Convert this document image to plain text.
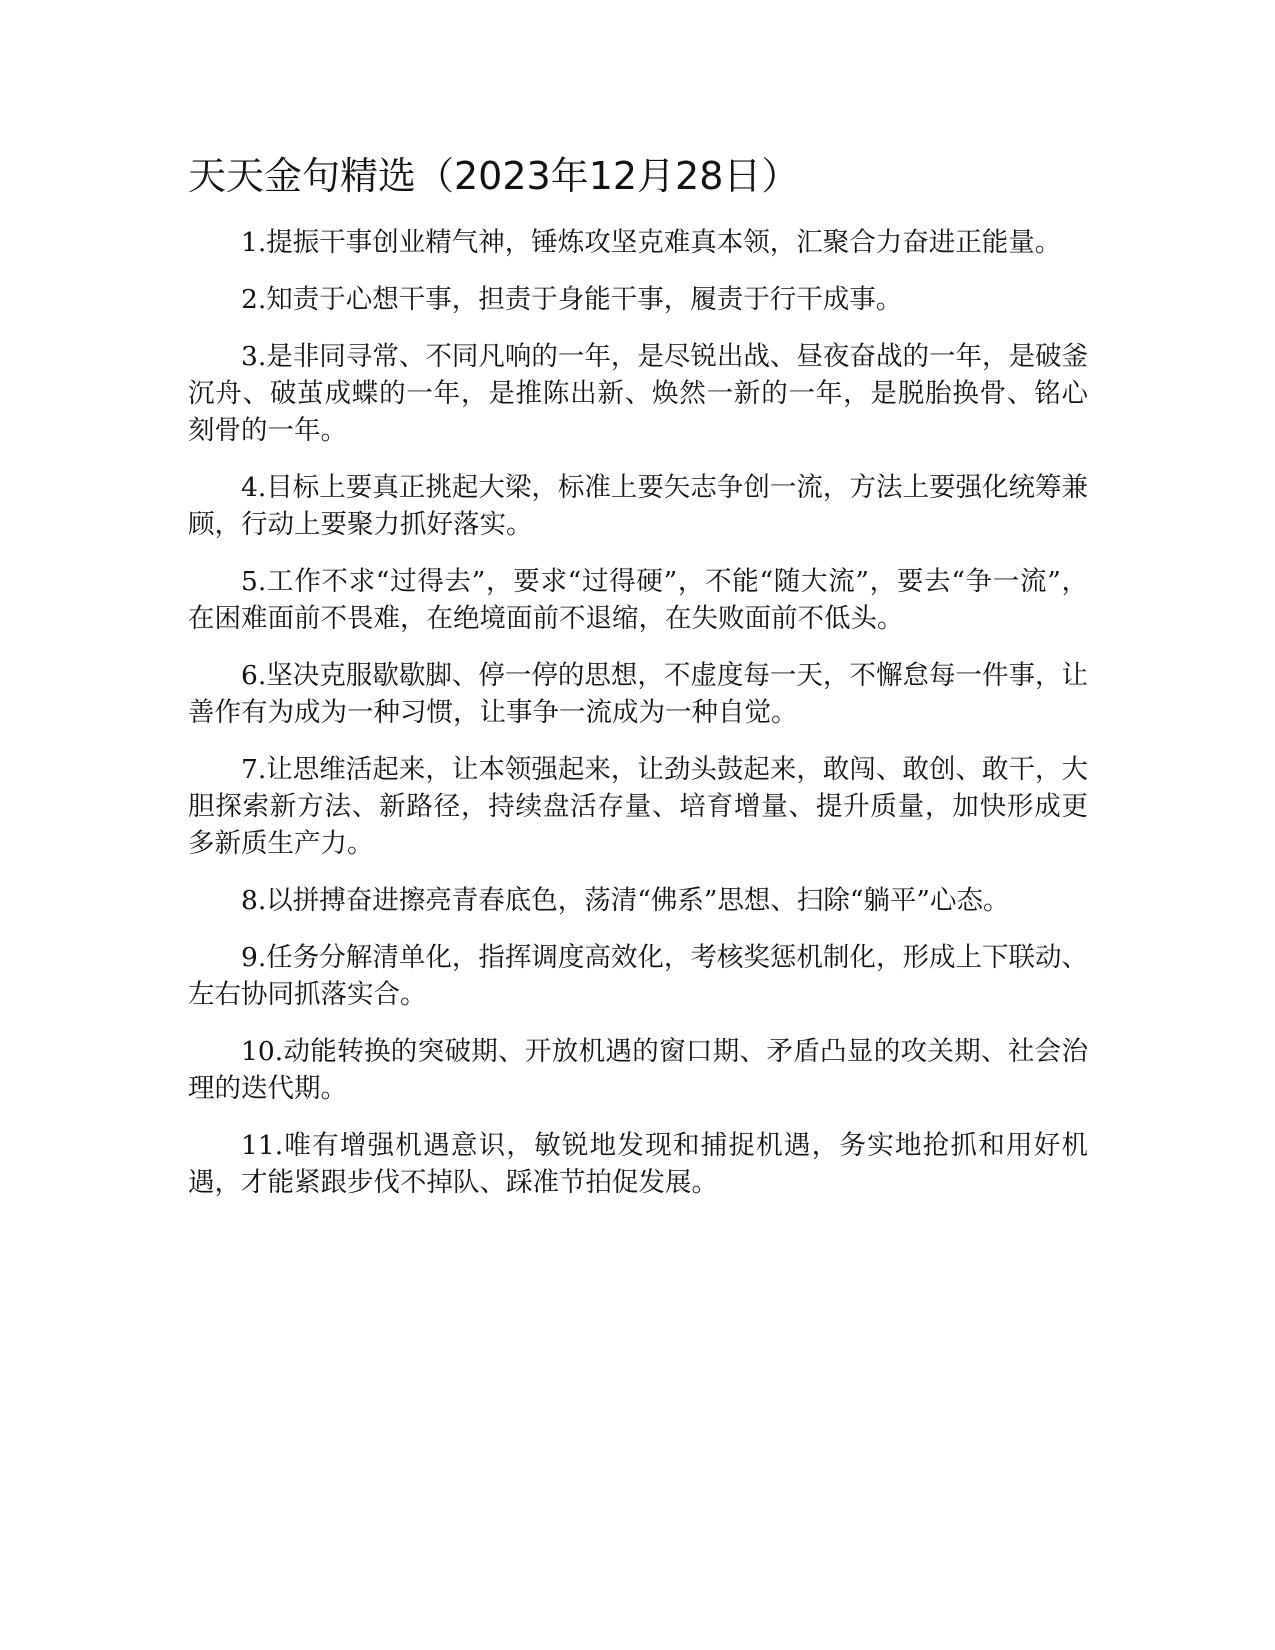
天天金句精选（2023年12月28日）

1.提振干事创业精气神，锤炼攻坚克难真本领，汇聚合力奋进正能量。

2.知责于心想干事，担责于身能干事，履责于行干成事。

3.是非同寻常、不同凡响的一年，是尽锐出战、昼夜奋战的一年，是破釜沉舟、破茧成蝶的一年，是推陈出新、焕然一新的一年，是脱胎换骨、铭心刻骨的一年。

4.目标上要真正挑起大梁，标准上要矢志争创一流，方法上要强化统筹兼顾，行动上要聚力抓好落实。

5.工作不求“过得去”，要求“过得硬”，不能“随大流”，要去“争一流”，在困难面前不畏难，在绝境面前不退缩，在失败面前不低头。

6.坚决克服歇歇脚、停一停的思想，不虚度每一天，不懈怠每一件事，让善作有为成为一种习惯，让事争一流成为一种自觉。

7.让思维活起来，让本领强起来，让劲头鼓起来，敢闯、敢创、敢干，大胆探索新方法、新路径，持续盘活存量、培育增量、提升质量，加快形成更多新质生产力。

8.以拼搏奋进擦亮青春底色，荡清“佛系”思想、扫除“躺平”心态。

9.任务分解清单化，指挥调度高效化，考核奖惩机制化，形成上下联动、左右协同抓落实合。

10.动能转换的突破期、开放机遇的窗口期、矛盾凸显的攻关期、社会治理的迭代期。

11.唯有增强机遇意识，敏锐地发现和捕捉机遇，务实地抢抓和用好机遇，才能紧跟步伐不掉队、踩准节拍促发展。
